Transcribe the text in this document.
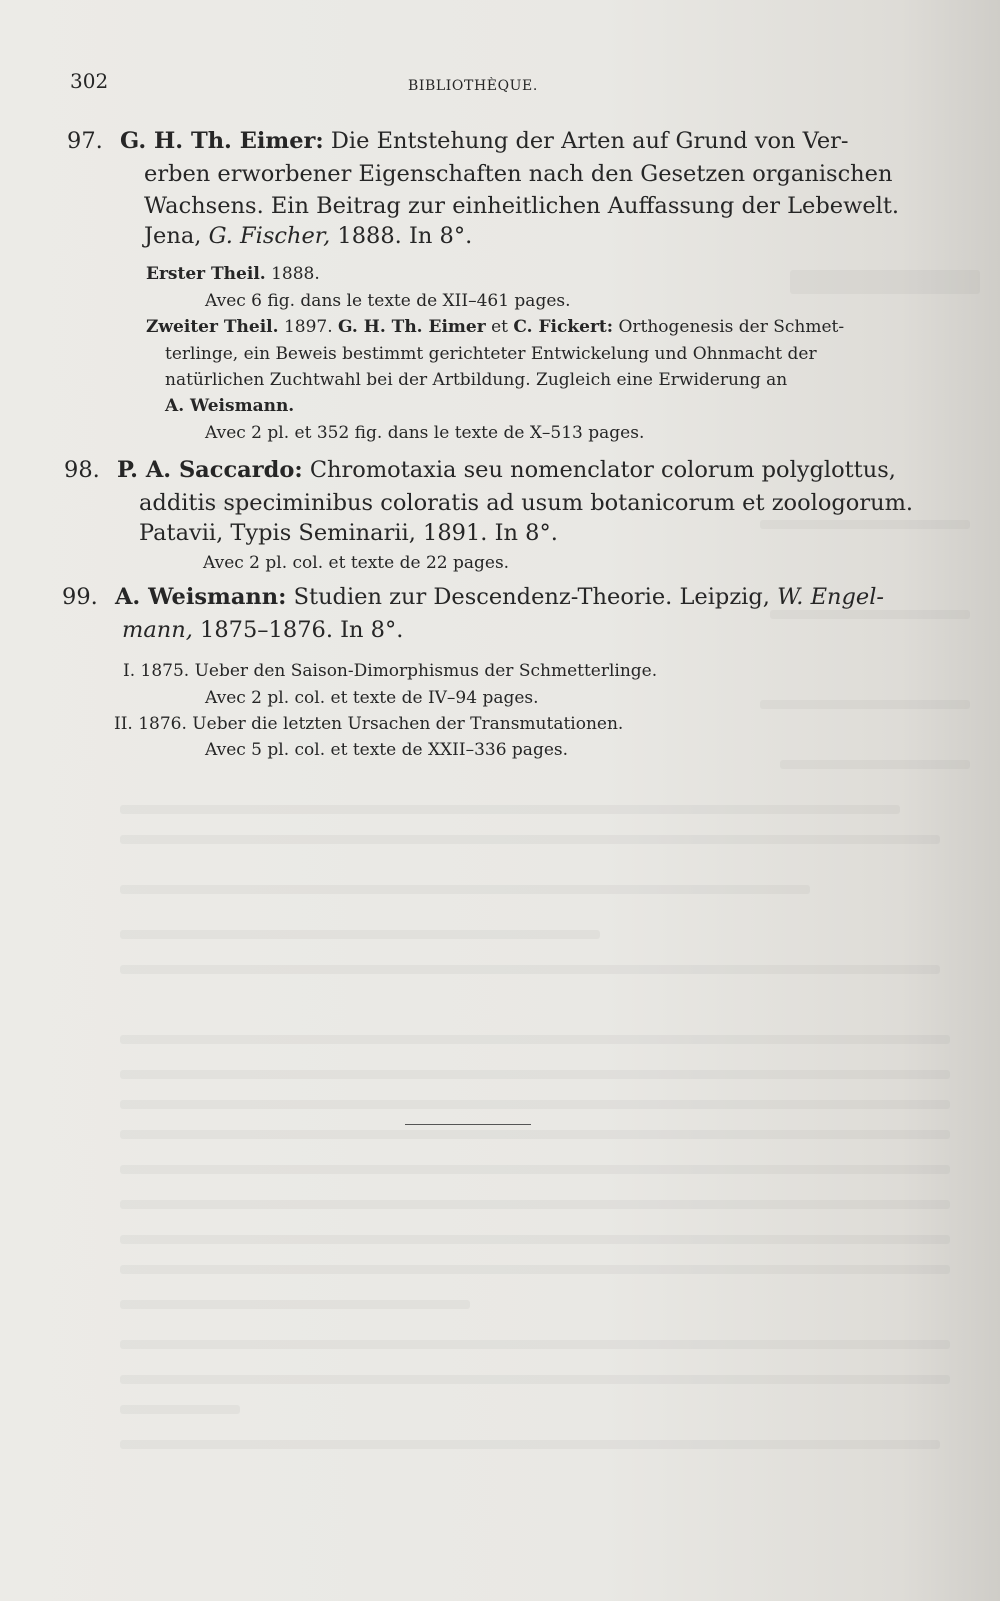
302	BIBLIOTHÈQUE.
97. G. H. Th. Eimer: Die Entstehung der Arten auf Grund von Ver-
erben erworbener Eigenschaften nach den Gesetzen organischen
Wachsens. Ein Beitrag zur einheitlichen Auffassung der Lebewelt.
Jena, G. Fischer, 1888. In 8°.
Erster Theil. 1888.
Avec 6 fig. dans le texte de XII–461 pages.
Zweiter Theil. 1897. G. H. Th. Eimer et C. Fickert: Orthogenesis der Schmet-
terlinge, ein Beweis bestimmt gerichteter Entwickelung und Ohnmacht der
natürlichen Zuchtwahl bei der Artbildung. Zugleich eine Erwiderung an
A. Weismann.
Avec 2 pl. et 352 fig. dans le texte de X–513 pages.
98. P. A. Saccardo: Chromotaxia seu nomenclator colorum polyglottus,
additis speciminibus coloratis ad usum botanicorum et zoologorum.
Patavii, Typis Seminarii, 1891. In 8°.
Avec 2 pl. col. et texte de 22 pages.
99. A. Weismann: Studien zur Descendenz-Theorie. Leipzig, W. Engel-
mann, 1875–1876. In 8°.
I. 1875. Ueber den Saison-Dimorphismus der Schmetterlinge.
Avec 2 pl. col. et texte de IV–94 pages.
II. 1876. Ueber die letzten Ursachen der Transmutationen.
Avec 5 pl. col. et texte de XXII–336 pages.
